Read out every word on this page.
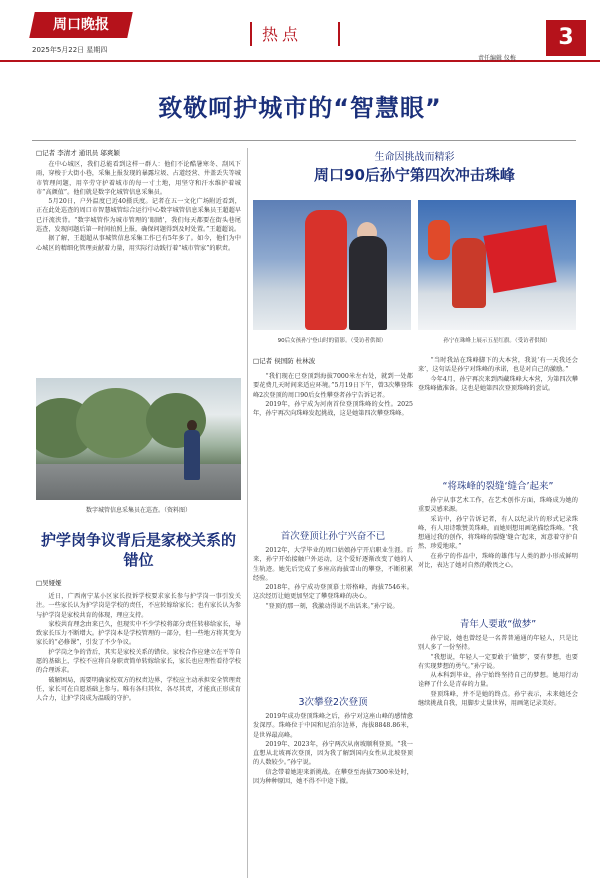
周口晚报
2025年5月22日 星期四
热点
责任编辑 仪梅
3
致敬呵护城市的“智慧眼”
□记者 李清才 通讯员 邬爽颖

在中心城区，我们总能看到这样一群人：他们不论酷暑寒冬、刮风下雨，穿梭于大街小巷，采集上报发现的暴露垃圾、占道经营、井盖丢失等城市管理问题，用辛劳守护着城市的每一寸土地，用坚守和汗水维护着城市“高颜值”。他们就是数字化城管信息采集员。

5月20日，户外温度已近40摄氏度。记者在五一文化广场附近看到，正在此处巡查的周口市智慧城管综合运行中心数字城管信息采集员王超超早已汗流浃背。“数字城管作为城市管理的‘眼睛’，我们每天都要在街头巷尾巡查，发现问题后第一时间拍照上报，确保问题得到及时处置。”王超超说。

据了解，王超超从事城管信息采集工作已有5年多了。如今，他们为中心城区的精细化管理贡献着力量，用实际行动践行着“城市管家”的职责。

数字城管信息采集员在巡查。（资料图）
护学岗争议背后是家校关系的错位
□吴娅娅

近日，广西南宁某小区家长投诉学校要求家长参与护学岗一事引发关注。一些家长认为护学岗是学校的责任，不应转嫁给家长；也有家长认为参与护学岗是家校共育的体现，理应支持。

家校共育理念由来已久，但现实中不少学校将部分责任转移给家长，导致家长压力不断增大。护学岗本是学校管理的一部分，但一些地方将其变为家长的“必修课”，引发了不少争议。

护学岗之争的背后，其实是家校关系的错位。家校合作应建立在平等自愿的基础上，学校不应将自身职责简单转嫁给家长，家长也应理性看待学校的合理诉求。

破解困局，需要明确家校双方的权责边界，学校应主动承担安全管理责任，家长可在自愿基础上参与。唯有各归其位、各尽其责，才能真正形成育人合力，让护学岗成为温暖的守护。

生命因挑战而精彩
周口90后孙宁第四次冲击珠峰
90后女孩孙宁登山时的留影。（受访者供图）	孙宁在珠峰上展示五星红旗。（受访者供图）
□记者 侯国防 杜林波

“我们现在已登顶到海拔7000米左右处，就到一处都要花费几天时间来适应环境。”5月19日下午，曾3次攀登珠峰2次登顶的周口90后女性攀登者孙宁告诉记者。

2019年，孙宁成为河南首位登顶珠峰的女性。2025年，孙宁再次向珠峰发起挑战，这是她第四次攀登珠峰。

首次登顶让孙宁兴奋不已

2012年，大学毕业的周口姑娘孙宁开启职业生涯。后来，孙宁开始接触户外运动，这个爱好逐渐改变了她的人生轨迹。她先后完成了多座高海拔雪山的攀登，不断积累经验。

2018年，孙宁成功登顶慕士塔格峰，海拔7546米。这次经历让她更加坚定了攀登珠峰的决心。

“登顶的那一刻，我激动得说不出话来。”孙宁说。

3次攀登2次登顶

2019年成功登顶珠峰之后，孙宁对这座山峰的感情愈发深厚。珠峰位于中国和尼泊尔边界，海拔8848.86米，是世界最高峰。

2019年、2023年，孙宁两次从南坡顺利登顶。“我一直想从北坡再次登顶，因为我了解到国内女性从北坡登顶的人数较少。”孙宁说。

信念带着她迎来新挑战。在攀登至海拔7300米处时，因为种种原因，她不得不中途下撤。

“当时我站在珠峰脚下的大本营，我说‘有一天我还会来’，这句话是孙宁对珠峰的承诺，也是对自己的激励。”

今年4月，孙宁再次来到西藏珠峰大本营，为第四次攀登珠峰做准备。这也是她第四次登顶珠峰的尝试。

“将珠峰的裂缝‘缝合’起来”

孙宁从事艺术工作，在艺术创作方面，珠峰成为她的重要灵感来源。

采访中，孙宁告诉记者，有人以纪录片的形式记录珠峰，有人用诗歌赞美珠峰，而她则想用画笔描绘珠峰。“我想通过我的创作，将珠峰的裂缝‘缝合’起来，寓意着守护自然、珍爱地球。”

在孙宁的作品中，珠峰的雄伟与人类的渺小形成鲜明对比，表达了她对自然的敬畏之心。

青年人要敢“做梦”

孙宁说，她也曾经是一名普普通通的年轻人，只是比别人多了一份坚持。

“我想说，年轻人一定要敢于‘做梦’，要有梦想，也要有实现梦想的勇气。”孙宁说。

从本科到毕业，孙宁始终坚持自己的梦想。她用行动诠释了什么是青春的力量。

登顶珠峰，并不是她的终点。孙宁表示，未来她还会继续挑战自我，用脚步丈量世界，用画笔记录美好。
